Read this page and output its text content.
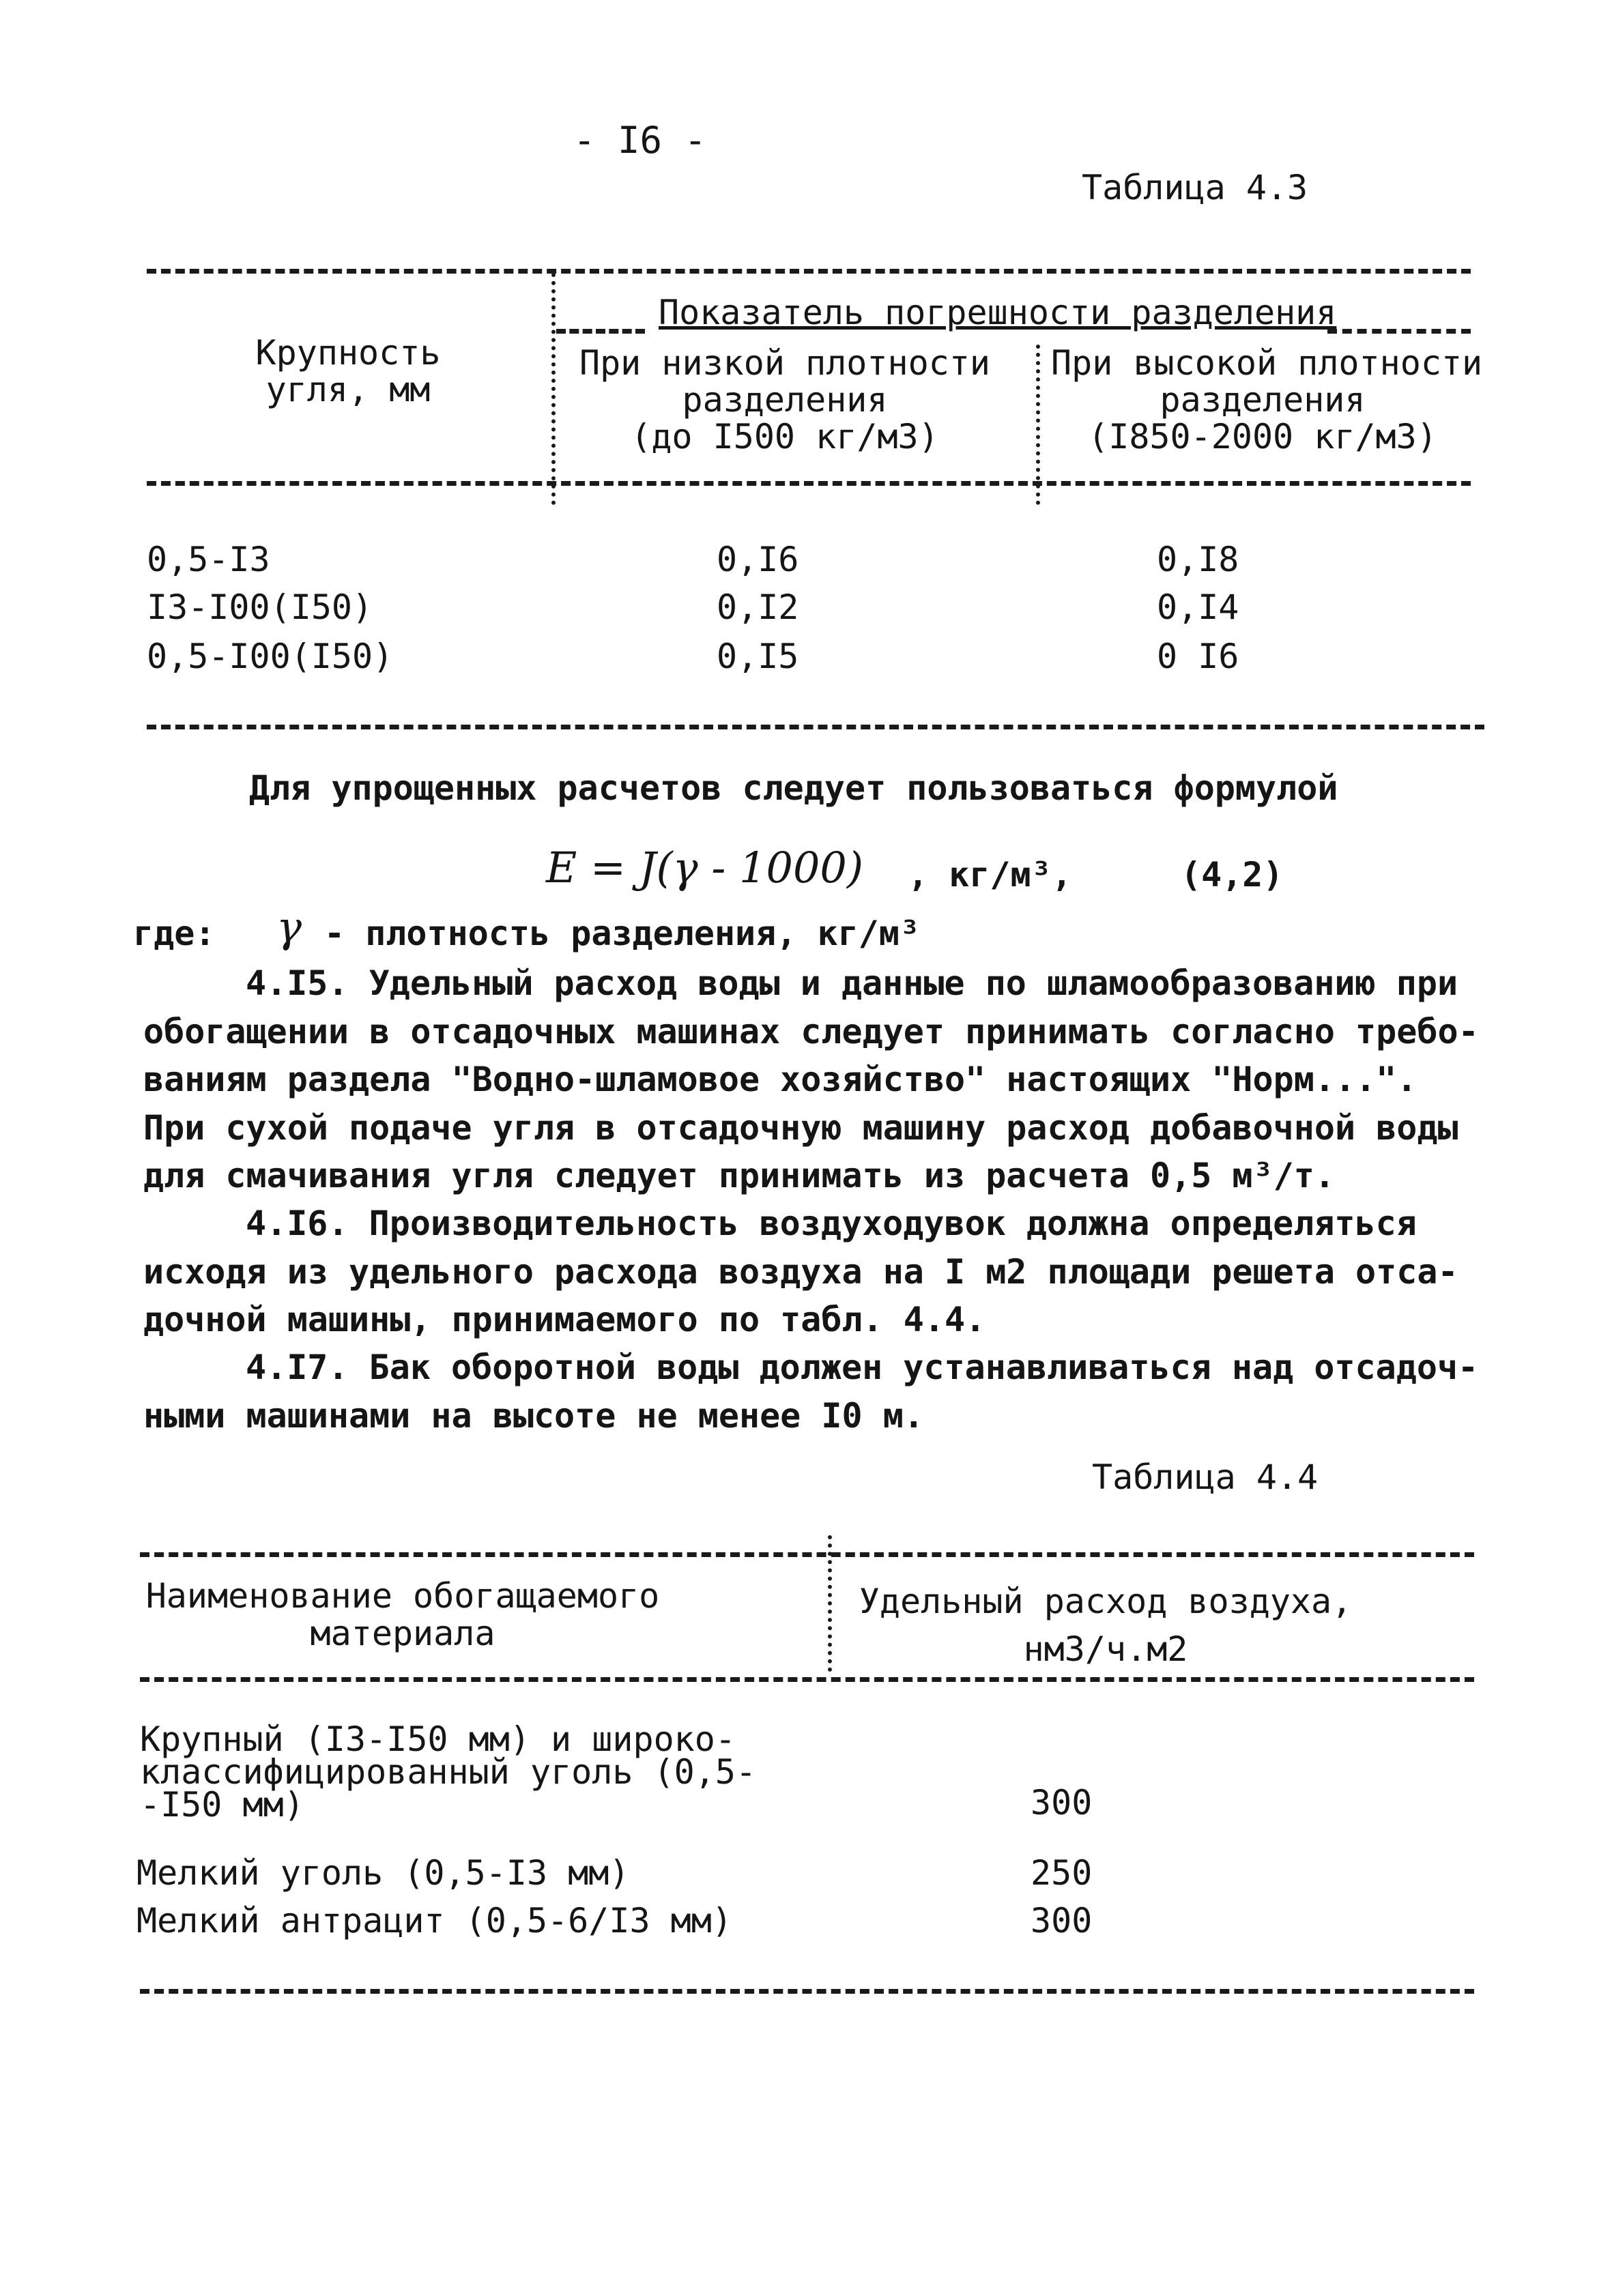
- I6 -
Таблица 4.3
Крупность
угля, мм
Показатель погрешности разделения
При низкой плотности
разделения
(до I500 кг/м3)
При высокой плотности
разделения
(I850-2000 кг/м3)
0,5-I3	0,I6	0,I8
I3-I00(I50)	0,I2	0,I4
0,5-I00(I50)	0,I5	0 I6
Для упрощенных расчетов следует пользоваться формулой
E = J(γ - 1000) , кг/м³,	(4,2)
где: γ - плотность разделения, кг/м³
4.I5. Удельный расход воды и данные по шламообразованию при
обогащении в отсадочных машинах следует принимать согласно требо-
ваниям раздела "Водно-шламовое хозяйство" настоящих "Норм...".
При сухой подаче угля в отсадочную машину расход добавочной воды
для смачивания угля следует принимать из расчета 0,5 м³/т.
4.I6. Производительность воздуходувок должна определяться
исходя из удельного расхода воздуха на I м2 площади решета отса-
дочной машины, принимаемого по табл. 4.4.
4.I7. Бак оборотной воды должен устанавливаться над отсадоч-
ными машинами на высоте не менее I0 м.
Таблица 4.4
Наименование обогащаемого
материала
Удельный расход воздуха,
нм3/ч.м2
Крупный (I3-I50 мм) и широко-
классифицированный уголь (0,5-
-I50 мм)	300
Мелкий уголь (0,5-I3 мм)	250
Мелкий антрацит (0,5-6/I3 мм)	300
